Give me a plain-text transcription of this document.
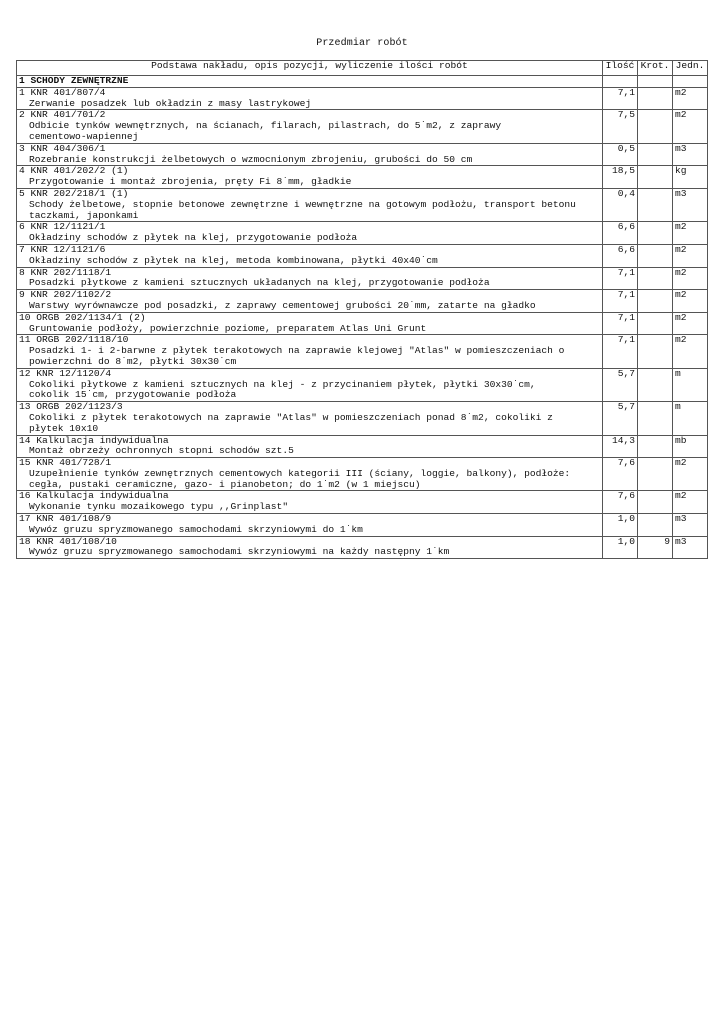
Przedmiar robót
Podstawa nakładu, opis pozycji, wyliczenie ilości robót	Ilość	Krot.	Jedn.
1 SCHODY ZEWNĘTRZNE			

1 KNR 401/807/4
Zerwanie posadzek lub okładzin z masy lastrykowej	7,1		m2

2 KNR 401/701/2
Odbicie tynków wewnętrznych, na ścianach, filarach, pilastrach, do 5˙m2, z zaprawy
cementowo-wapiennej	7,5		m2

3 KNR 404/306/1
Rozebranie konstrukcji żelbetowych o wzmocnionym zbrojeniu, grubości do 50 cm	0,5		m3

4 KNR 401/202/2 (1)
Przygotowanie i montaż zbrojenia, pręty Fi 8˙mm, gładkie	18,5		kg

5 KNR 202/218/1 (1)
Schody żelbetowe, stopnie betonowe zewnętrzne i wewnętrzne na gotowym podłożu, transport betonu
taczkami, japonkami	0,4		m3

6 KNR 12/1121/1
Okładziny schodów z płytek na klej, przygotowanie podłoża	6,6		m2

7 KNR 12/1121/6
Okładziny schodów z płytek na klej, metoda kombinowana, płytki 40x40˙cm	6,6		m2

8 KNR 202/1118/1
Posadzki płytkowe z kamieni sztucznych układanych na klej, przygotowanie podłoża	7,1		m2

9 KNR 202/1102/2
Warstwy wyrównawcze pod posadzki, z zaprawy cementowej grubości 20˙mm, zatarte na gładko	7,1		m2

10 ORGB 202/1134/1 (2)
Gruntowanie podłoży, powierzchnie poziome, preparatem Atlas Uni Grunt	7,1		m2

11 ORGB 202/1118/10
Posadzki 1- i 2-barwne z płytek terakotowych na zaprawie klejowej "Atlas" w pomieszczeniach o
powierzchni do 8˙m2, płytki 30x30˙cm	7,1		m2

12 KNR 12/1120/4
Cokoliki płytkowe z kamieni sztucznych na klej - z przycinaniem płytek, płytki 30x30˙cm,
cokolik 15˙cm, przygotowanie podłoża	5,7		m

13 ORGB 202/1123/3
Cokoliki z płytek terakotowych na zaprawie "Atlas" w pomieszczeniach ponad 8˙m2, cokoliki z
płytek 10x10	5,7		m

14 Kalkulacja indywidualna
Montaż obrzeży ochronnych stopni schodów szt.5	14,3		mb

15 KNR 401/728/1
Uzupełnienie tynków zewnętrznych cementowych kategorii III (ściany, loggie, balkony), podłoże:
cegła, pustaki ceramiczne, gazo- i pianobeton; do 1˙m2 (w 1 miejscu)	7,6		m2

16 Kalkulacja indywidualna
Wykonanie tynku mozaikowego typu ,,Grinplast"	7,6		m2

17 KNR 401/108/9
Wywóz gruzu spryzmowanego samochodami skrzyniowymi do 1˙km	1,0		m3

18 KNR 401/108/10
Wywóz gruzu spryzmowanego samochodami skrzyniowymi na każdy następny 1˙km	1,0	9	m3
